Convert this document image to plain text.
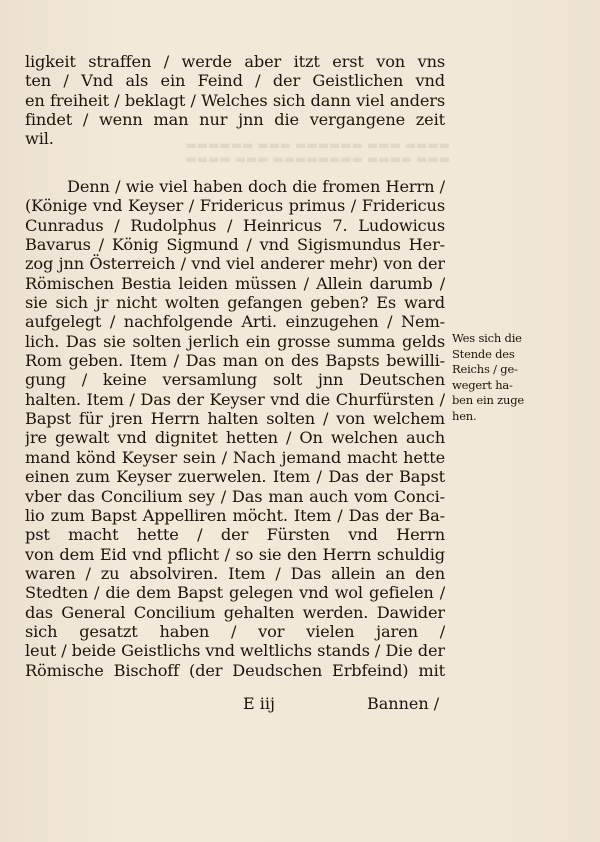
▬▬▬▬ ▬▬▬ ▬▬▬▬▬▬ ▬▬▬ ▬▬▬▬▬▬
▬▬▬ ▬▬▬▬ ▬▬▬▬▬▬▬▬ ▬▬▬ ▬▬▬▬
ligkeit straffen / werde aber itzt erst von vns
ten / Vnd als ein Feind / der Geistlichen vnd
en freiheit / beklagt / Welches sich dann viel anders
findet / wenn man nur jnn die vergangene zeit
wil.
Denn / wie viel haben doch die fromen Herrn /
(Könige vnd Keyser / Fridericus primus / Fridericus
Cunradus / Rudolphus / Heinricus 7. Ludowicus
Bavarus / König Sigmund / vnd Sigismundus Her-
zog jnn Österreich / vnd viel anderer mehr) von der
Römischen Bestia leiden müssen / Allein darumb /
sie sich jr nicht wolten gefangen geben? Es ward
aufgelegt / nachfolgende Arti. einzugehen / Nem-
lich. Das sie solten jerlich ein grosse summa gelds
Rom geben. Item / Das man on des Bapsts bewilli-
gung / keine versamlung solt jnn Deutschen
halten. Item / Das der Keyser vnd die Churfürsten /
Bapst für jren Herrn halten solten / von welchem
jre gewalt vnd dignitet hetten / On welchen auch
mand könd Keyser sein / Nach jemand macht hette
einen zum Keyser zuerwelen. Item / Das der Bapst
vber das Concilium sey / Das man auch vom Conci-
lio zum Bapst Appelliren möcht. Item / Das der Ba-
pst macht hette / der Fürsten vnd Herrn
von dem Eid vnd pflicht / so sie den Herrn schuldig
waren / zu absolviren. Item / Das allein an den
Stedten / die dem Bapst gelegen vnd wol gefielen /
das General Concilium gehalten werden. Dawider
sich gesatzt haben / vor vielen jaren /
leut / beide Geistlichs vnd weltlichs stands / Die der
Römische Bischoff (der Deudschen Erbfeind) mit
Wes sich die
Stende des
Reichs / ge-
wegert ha-
ben ein zuge
hen.
E iij	Bannen /
